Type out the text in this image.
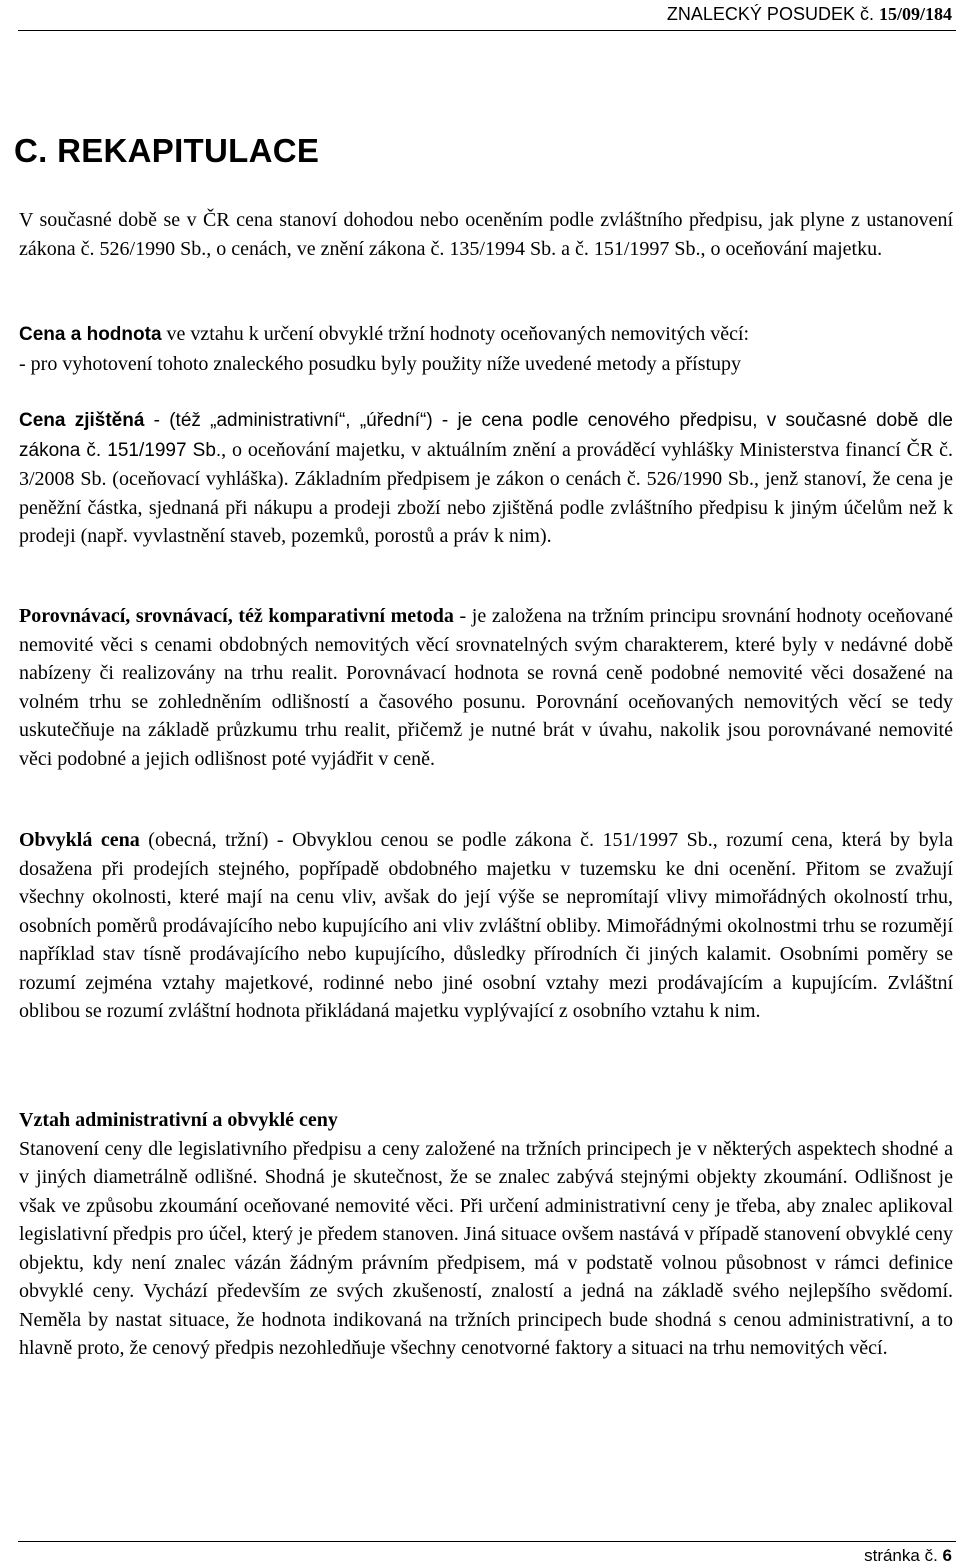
ZNALECKÝ POSUDEK č. 15/09/184
C. REKAPITULACE

V současné době se v ČR cena stanoví dohodou nebo oceněním podle zvláštního předpisu, jak plyne z ustanovení zákona č. 526/1990 Sb., o cenách, ve znění zákona č. 135/1994 Sb. a č. 151/1997 Sb., o oceňování majetku.

Cena a hodnota ve vztahu k určení obvyklé tržní hodnoty oceňovaných nemovitých věcí:

- pro vyhotovení tohoto znaleckého posudku byly použity níže uvedené metody a přístupy

Cena zjištěná - (též „administrativní“, „úřední“) - je cena podle cenového předpisu, v současné době dle zákona č. 151/1997 Sb., o oceňování majetku, v aktuálním znění a prováděcí vyhlášky Ministerstva financí ČR č. 3/2008 Sb. (oceňovací vyhláška). Základním předpisem je zákon o cenách č. 526/1990 Sb., jenž stanoví, že cena je peněžní částka, sjednaná při nákupu a prodeji zboží nebo zjištěná podle zvláštního předpisu k jiným účelům než k prodeji (např. vyvlastnění staveb, pozemků, porostů a práv k nim).

Porovnávací, srovnávací, též komparativní metoda - je založena na tržním principu srovnání hodnoty oceňované nemovité věci s cenami obdobných nemovitých věcí srovnatelných svým charakterem, které byly v nedávné době nabízeny či realizovány na trhu realit. Porovnávací hodnota se rovná ceně podobné nemovité věci dosažené na volném trhu se zohledněním odlišností a časového posunu. Porovnání oceňovaných nemovitých věcí se tedy uskutečňuje na základě průzkumu trhu realit, přičemž je nutné brát v úvahu, nakolik jsou porovnávané nemovité věci podobné a jejich odlišnost poté vyjádřit v ceně.

Obvyklá cena (obecná, tržní) - Obvyklou cenou se podle zákona č. 151/1997 Sb., rozumí cena, která by byla dosažena při prodejích stejného, popřípadě obdobného majetku v tuzemsku ke dni ocenění. Přitom se zvažují všechny okolnosti, které mají na cenu vliv, avšak do její výše se nepromítají vlivy mimořádných okolností trhu, osobních poměrů prodávajícího nebo kupujícího ani vliv zvláštní obliby. Mimořádnými okolnostmi trhu se rozumějí například stav tísně prodávajícího nebo kupujícího, důsledky přírodních či jiných kalamit. Osobními poměry se rozumí zejména vztahy majetkové, rodinné nebo jiné osobní vztahy mezi prodávajícím a kupujícím. Zvláštní oblibou se rozumí zvláštní hodnota přikládaná majetku vyplývající z osobního vztahu k nim.

Vztah administrativní a obvyklé ceny

Stanovení ceny dle legislativního předpisu a ceny založené na tržních principech je v některých aspektech shodné a v jiných diametrálně odlišné. Shodná je skutečnost, že se znalec zabývá stejnými objekty zkoumání. Odlišnost je však ve způsobu zkoumání oceňované nemovité věci. Při určení administrativní ceny je třeba, aby znalec aplikoval legislativní předpis pro účel, který je předem stanoven. Jiná situace ovšem nastává v případě stanovení obvyklé ceny objektu, kdy není znalec vázán žádným právním předpisem, má v podstatě volnou působnost v rámci definice obvyklé ceny. Vychází především ze svých zkušeností, znalostí a jedná na základě svého nejlepšího svědomí. Neměla by nastat situace, že hodnota indikovaná na tržních principech bude shodná s cenou administrativní, a to hlavně proto, že cenový předpis nezohledňuje všechny cenotvorné faktory a situaci na trhu nemovitých věcí.

stránka č. 6
